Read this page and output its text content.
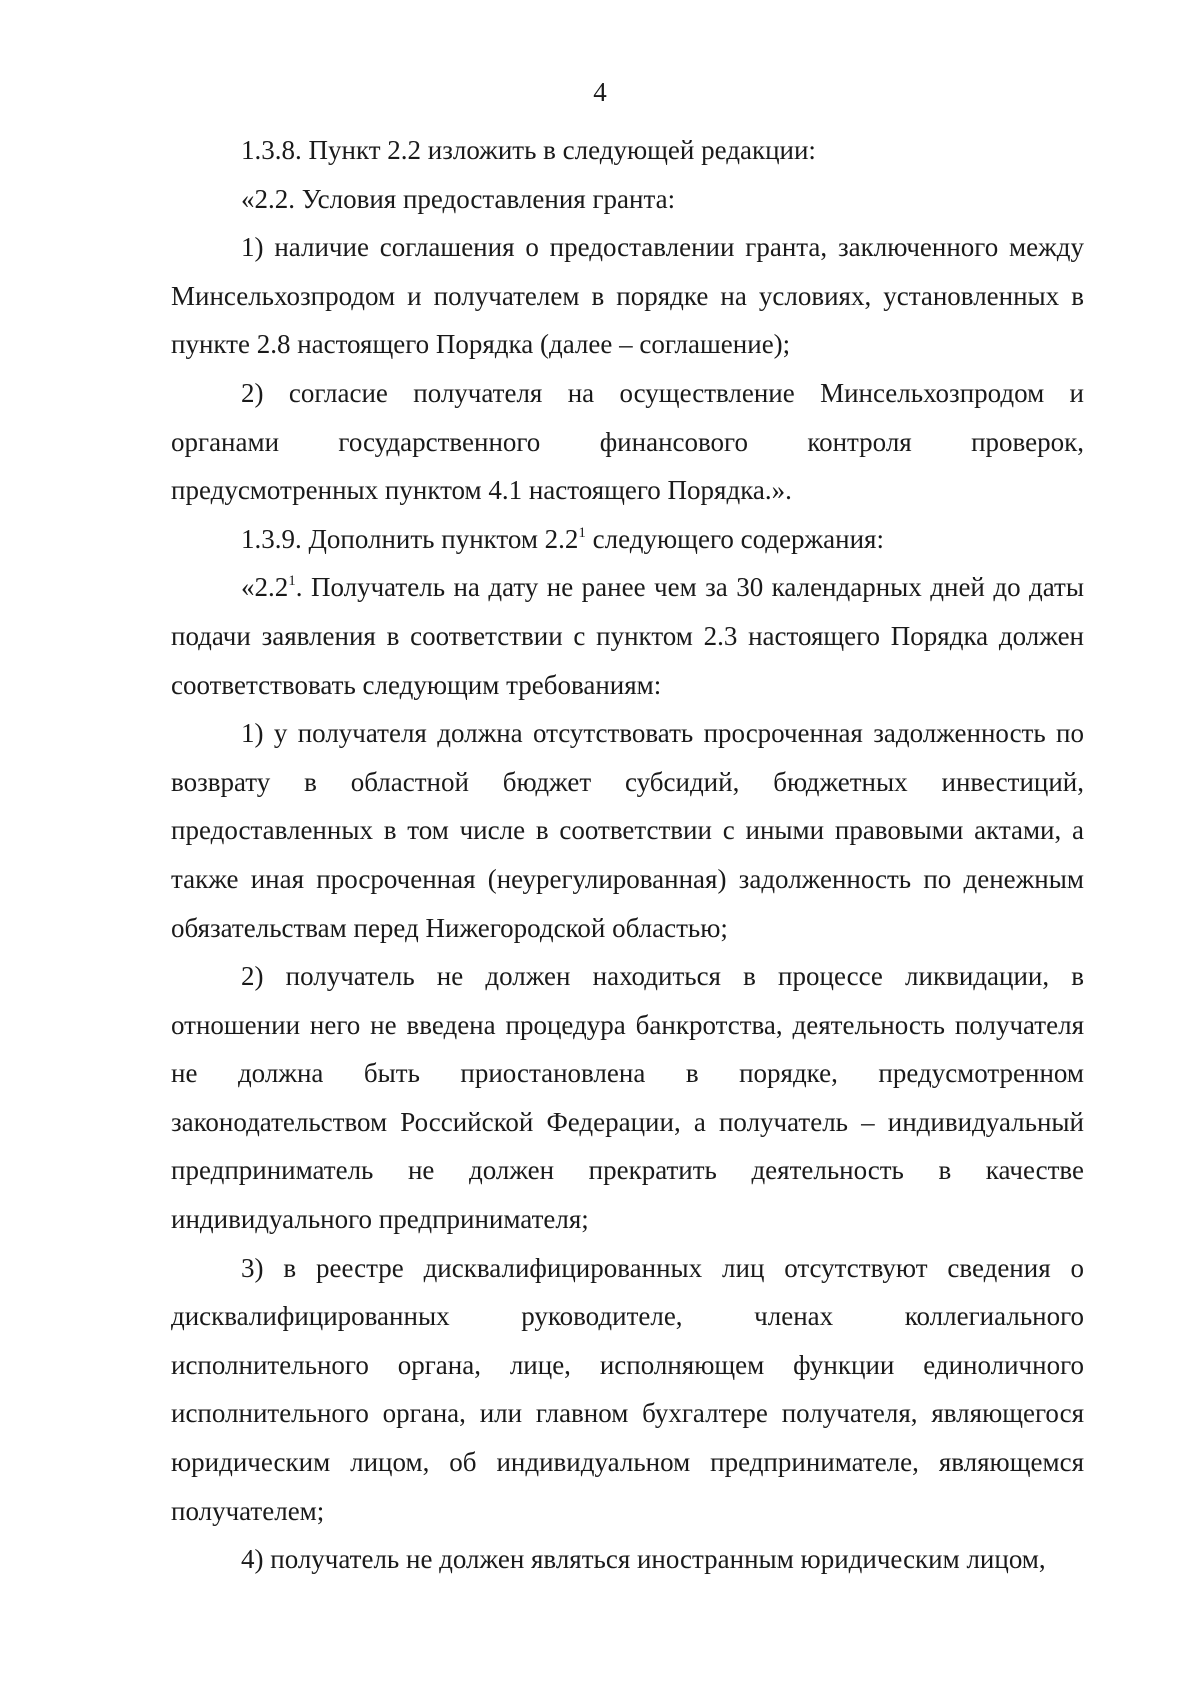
4

1.3.8. Пункт 2.2 изложить в следующей редакции:

«2.2. Условия предоставления гранта:

1) наличие соглашения о предоставлении гранта, заключенного между Минсельхозпродом и получателем в порядке на условиях, установленных в пункте 2.8 настоящего Порядка (далее – соглашение);

2) согласие получателя на осуществление Минсельхозпродом и органами государственного финансового контроля проверок, предусмотренных пунктом 4.1 настоящего Порядка.».

1.3.9. Дополнить пунктом $2.2^1$ следующего содержания:

«$2.2^1$. Получатель на дату не ранее чем за 30 календарных дней до даты подачи заявления в соответствии с пунктом 2.3 настоящего Порядка должен соответствовать следующим требованиям:

1) у получателя должна отсутствовать просроченная задолженность по возврату в областной бюджет субсидий, бюджетных инвестиций, предоставленных в том числе в соответствии с иными правовыми актами, а также иная просроченная (неурегулированная) задолженность по денежным обязательствам перед Нижегородской областью;

2) получатель не должен находиться в процессе ликвидации, в отношении него не введена процедура банкротства, деятельность получателя не должна быть приостановлена в порядке, предусмотренном законодательством Российской Федерации, а получатель – индивидуальный предприниматель не должен прекратить деятельность в качестве индивидуального предпринимателя;

3) в реестре дисквалифицированных лиц отсутствуют сведения о дисквалифицированных руководителе, членах коллегиального исполнительного органа, лице, исполняющем функции единоличного исполнительного органа, или главном бухгалтере получателя, являющегося юридическим лицом, об индивидуальном предпринимателе, являющемся получателем;

4) получатель не должен являться иностранным юридическим лицом,
